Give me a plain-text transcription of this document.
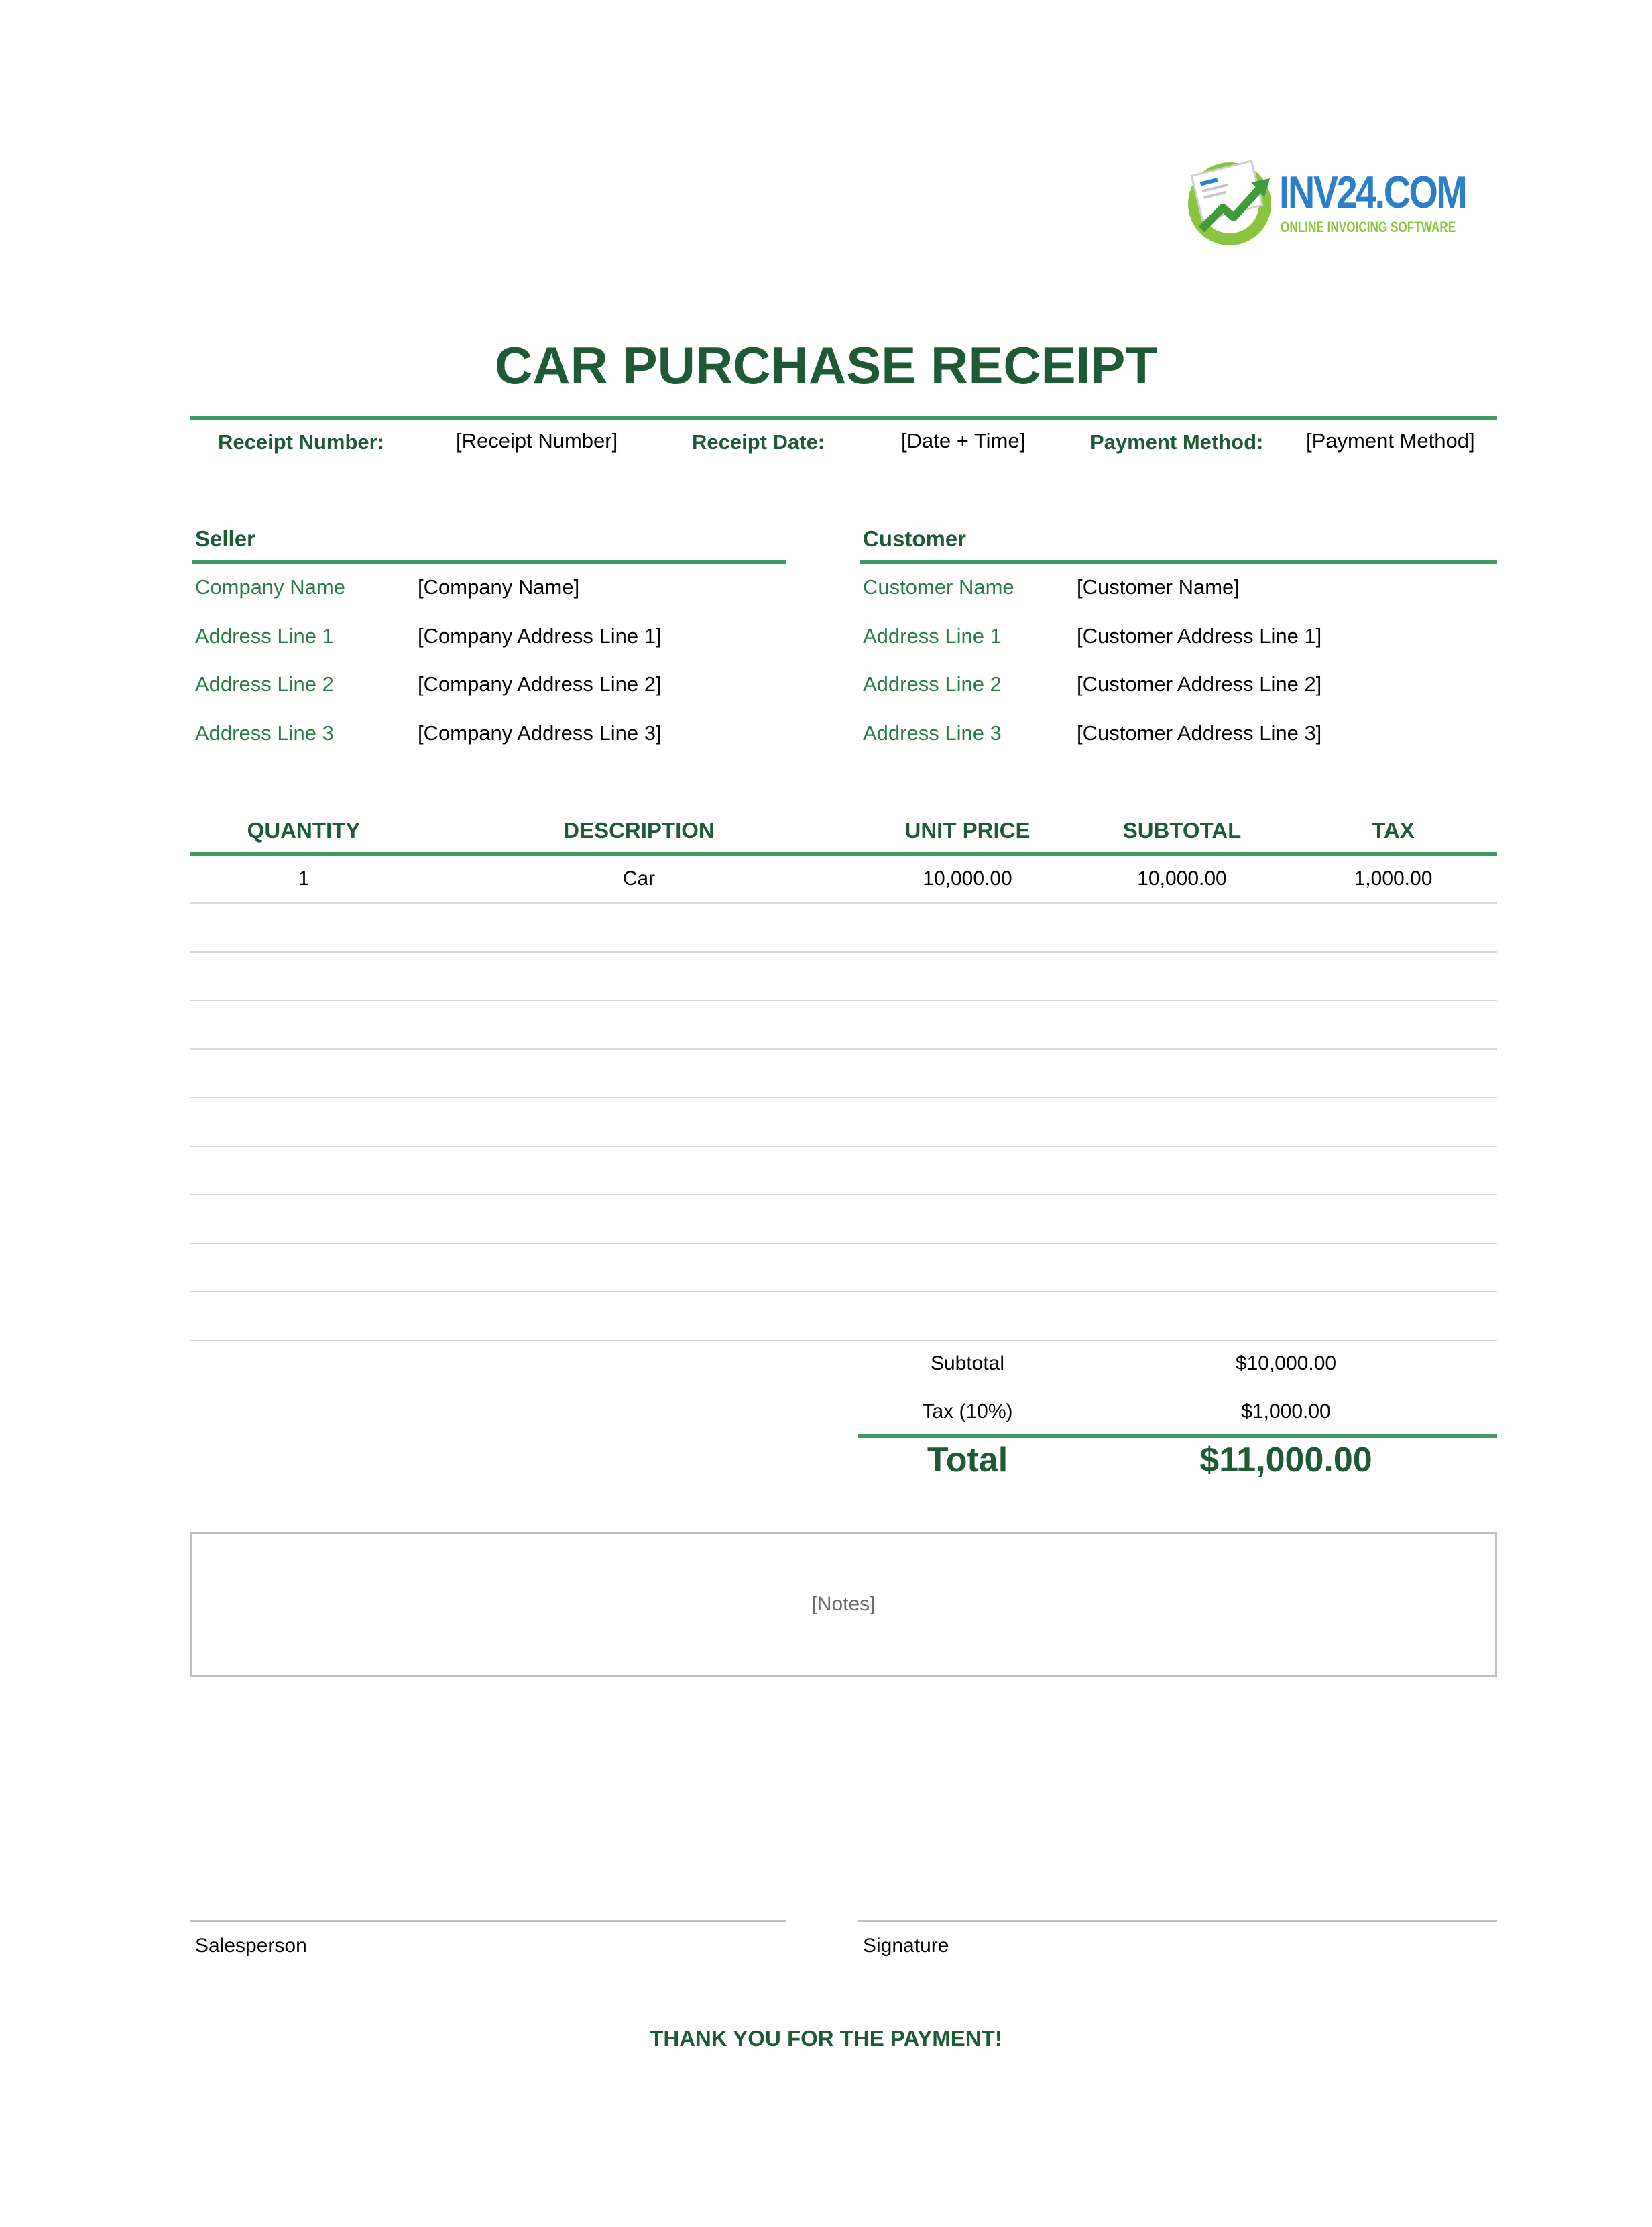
INV24.COM
ONLINE INVOICING SOFTWARE
CAR PURCHASE RECEIPT
Receipt Number:	[Receipt Number]	Receipt Date:	[Date + Time]	Payment Method: [Payment Method]
Seller
Company Name	[Company Name]
Address Line 1	[Company Address Line 1]
Address Line 2	[Company Address Line 2]
Address Line 3	[Company Address Line 3]
Customer
Customer Name	[Customer Name]
Address Line 1	[Customer Address Line 1]
Address Line 2	[Customer Address Line 2]
Address Line 3	[Customer Address Line 3]
QUANTITY	DESCRIPTION	UNIT PRICE	SUBTOTAL	TAX
1	Car	10,000.00	10,000.00	1,000.00
Subtotal	$10,000.00
Tax (10%)	$1,000.00
Total	$11,000.00
[Notes]
Salesperson	Signature
THANK YOU FOR THE PAYMENT!
